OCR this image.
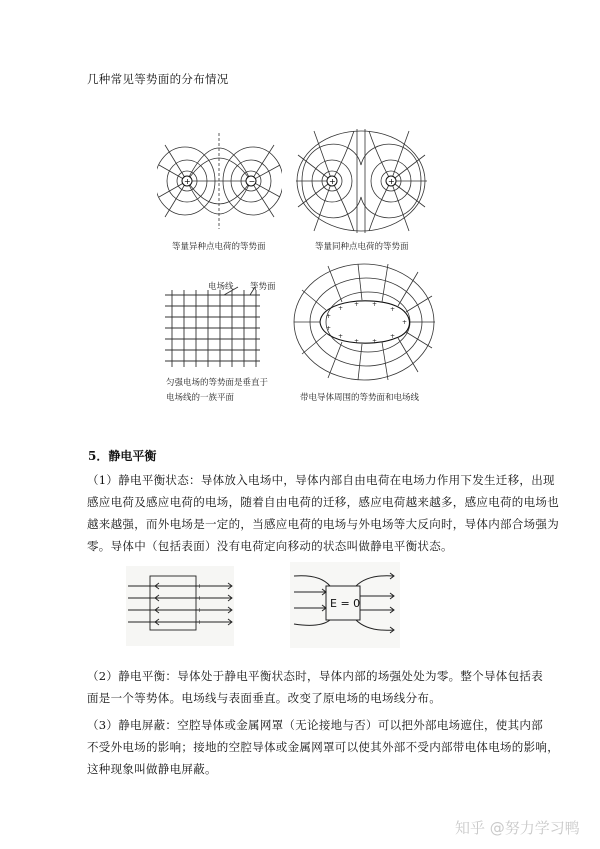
几种常见等势面的分布情况
+	−
等量异种点电荷的等势面
+	+
等量同种点电荷的等势面
电场线 等势面
匀强电场的等势面是垂直于
电场线的一族平面
+
+
+
+
+
+
+
+
+
+
+
带电导体周围的等势面和电场线
5．静电平衡
（1）静电平衡状态：导体放入电场中，导体内部自由电荷在电场力作用下发生迁移，出现
感应电荷及感应电荷的电场，随着自由电荷的迁移，感应电荷越来越多，感应电荷的电场也
越来越强，而外电场是一定的，当感应电荷的电场与外电场等大反向时，导体内部合场强为
零。导体中（包括表面）没有电荷定向移动的状态叫做静电平衡状态。
−
−
−
−
+
+
+
+
E = 0
（2）静电平衡：导体处于静电平衡状态时，导体内部的场强处处为零。整个导体包括表
面是一个等势体。电场线与表面垂直。改变了原电场的电场线分布。
（3）静电屏蔽：空腔导体或金属网罩（无论接地与否）可以把外部电场遮住，使其内部
不受外电场的影响；接地的空腔导体或金属网罩可以使其外部不受内部带电体电场的影响，
这种现象叫做静电屏蔽。
知乎 @努力学习鸭
